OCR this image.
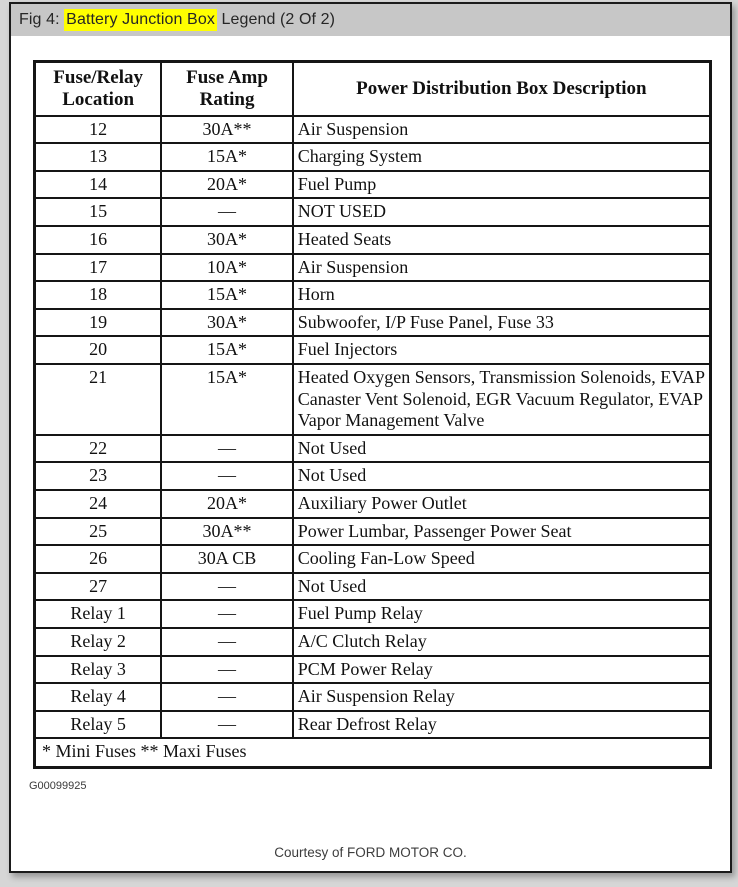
Fig 4: Battery Junction Box Legend (2 Of 2)
Fuse/Relay Location	Fuse Amp Rating	Power Distribution Box Description
12	30A**	Air Suspension
13	15A*	Charging System
14	20A*	Fuel Pump
15	—	NOT USED
16	30A*	Heated Seats
17	10A*	Air Suspension
18	15A*	Horn
19	30A*	Subwoofer, I/P Fuse Panel, Fuse 33
20	15A*	Fuel Injectors
21	15A*	Heated Oxygen Sensors, Transmission Solenoids, EVAP Canaster Vent Solenoid, EGR Vacuum Regulator, EVAP Vapor Management Valve
22	—	Not Used
23	—	Not Used
24	20A*	Auxiliary Power Outlet
25	30A**	Power Lumbar, Passenger Power Seat
26	30A CB	Cooling Fan-Low Speed
27	—	Not Used
Relay 1	—	Fuel Pump Relay
Relay 2	—	A/C Clutch Relay
Relay 3	—	PCM Power Relay
Relay 4	—	Air Suspension Relay
Relay 5	—	Rear Defrost Relay
* Mini Fuses ** Maxi Fuses		
G00099925
Courtesy of FORD MOTOR CO.
